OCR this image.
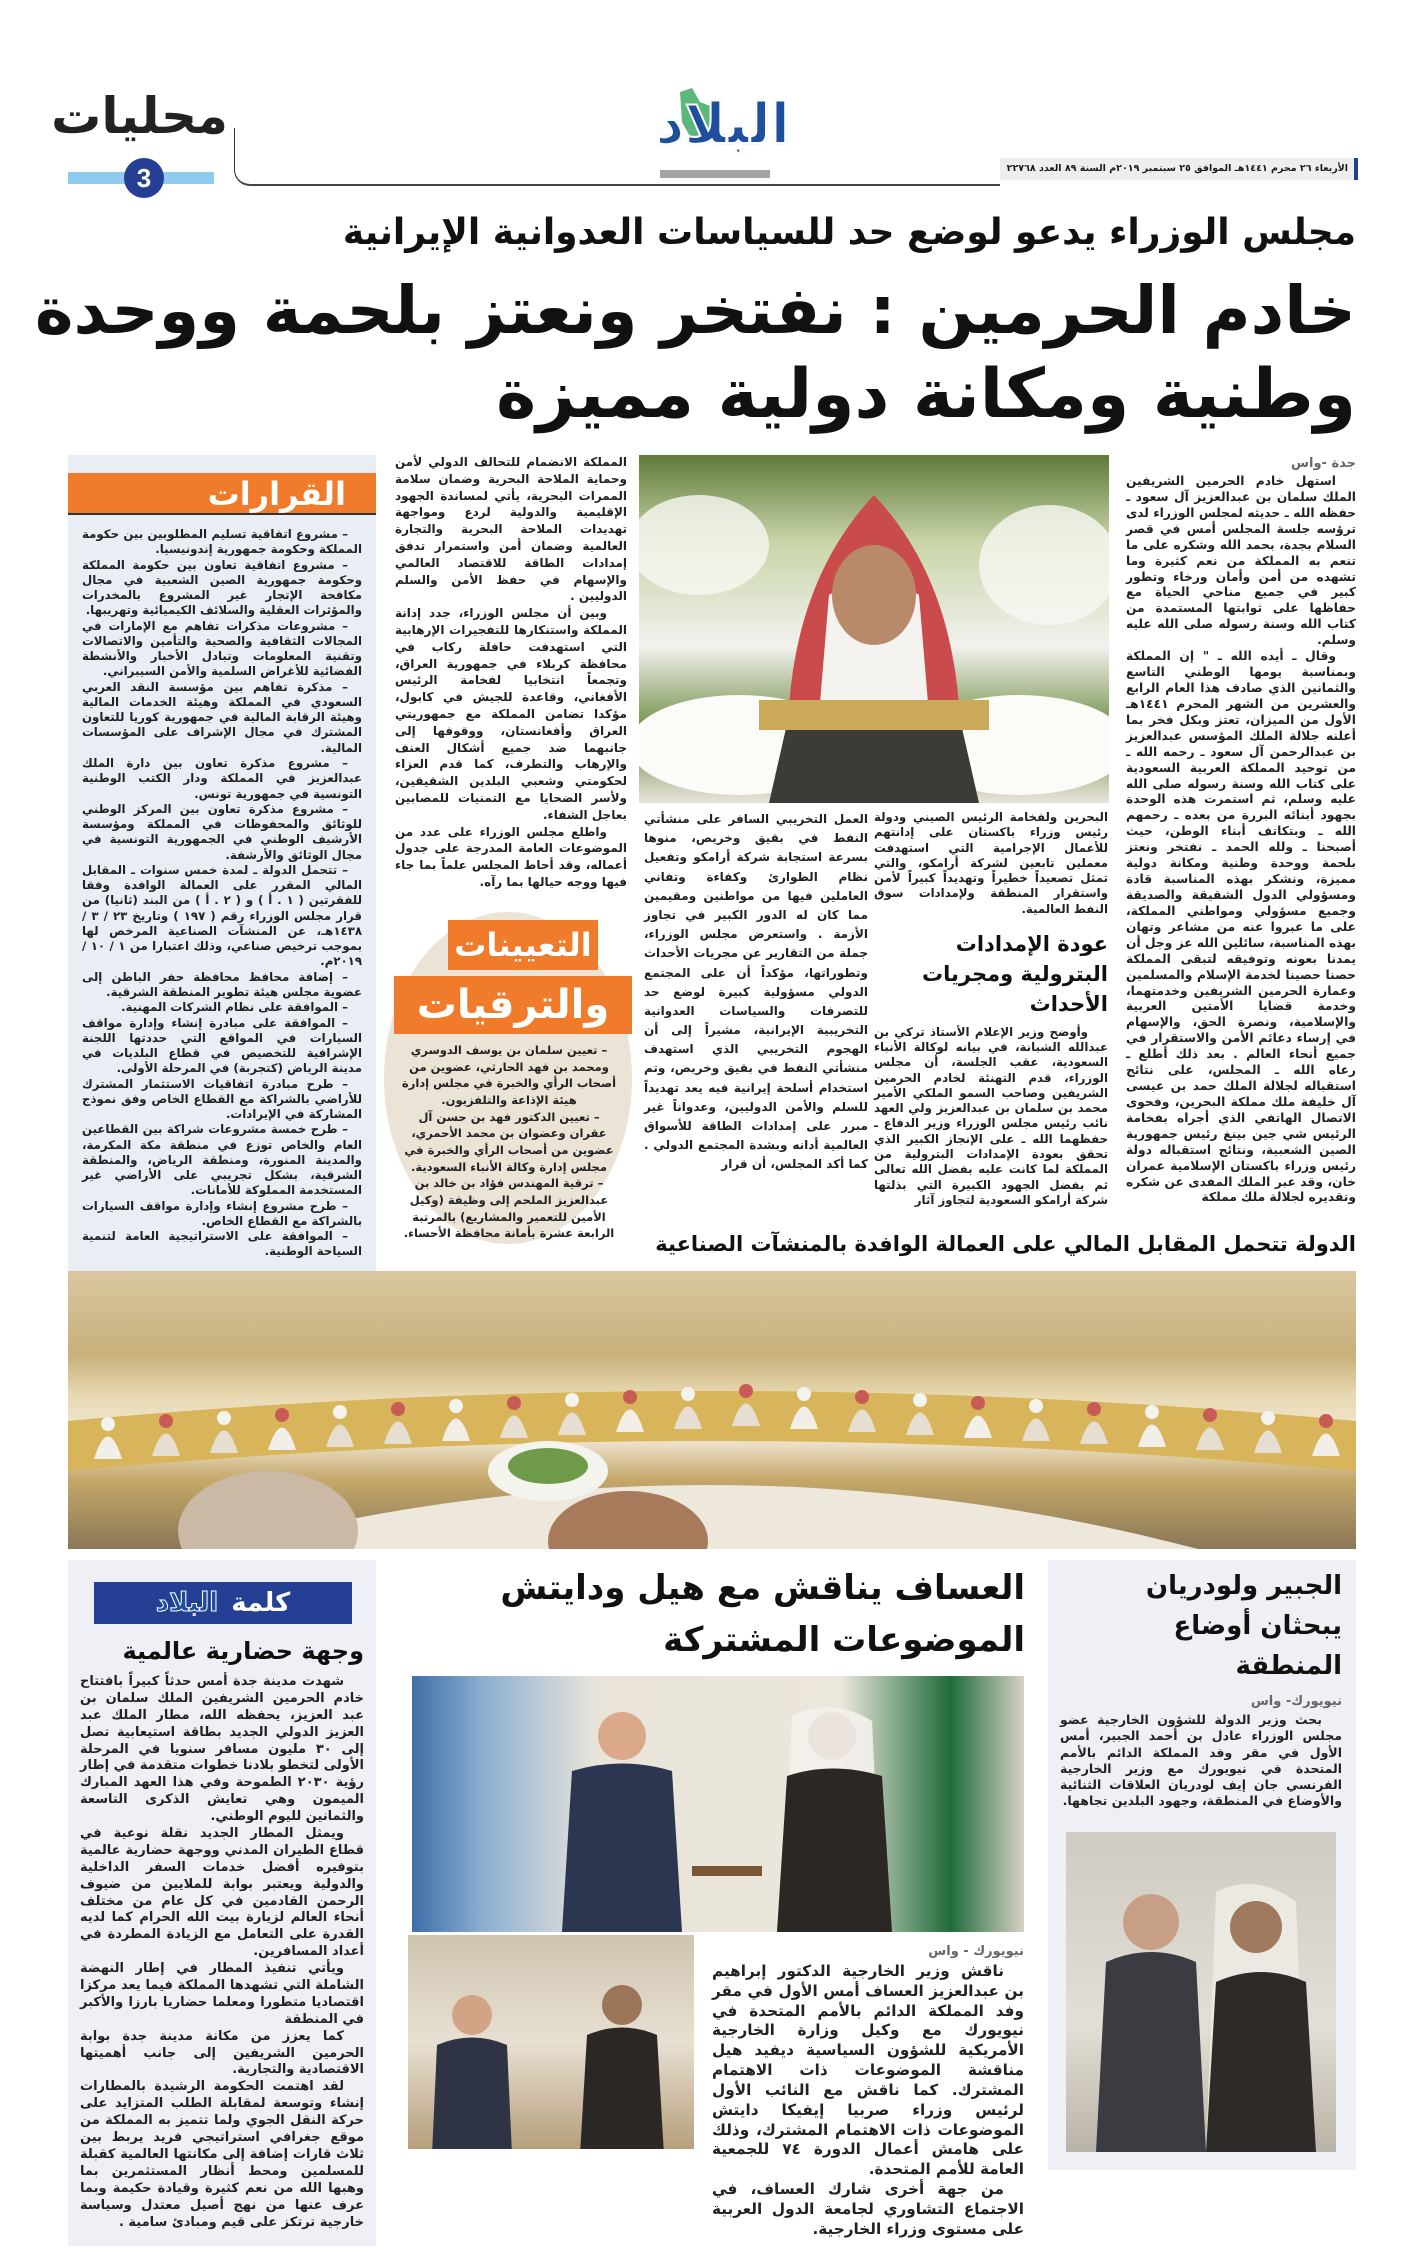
محليات
3
البلاد
الأربعاء ٢٦ محرم ١٤٤١هـ الموافق ٢٥ سبتمبر ٢٠١٩م السنة ٨٩ العدد ٢٢٧٦٨
مجلس الوزراء يدعو لوضع حد للسياسات العدوانية الإيرانية
خادم الحرمين : نفتخر ونعتز بلحمة ووحدة
وطنية ومكانة دولية مميزة
جدة -واس

استهل خادم الحرمين الشريفين الملك سلمان بن عبدالعزيز آل سعود ـ حفظه الله ـ حديثه لمجلس الوزراء لدى ترؤسه جلسة المجلس أمس في قصر السلام بجدة، بحمد الله وشكره على ما تنعم به المملكة من نعم كثيرة وما تشهده من أمن وأمان ورخاء وتطور كبير في جميع مناحي الحياة مع حفاظها على ثوابتها المستمدة من كتاب الله وسنة رسوله صلى الله عليه وسلم.

وقال ـ أيده الله ـ " إن المملكة وبمناسبة يومها الوطني التاسع والثمانين الذي صادف هذا العام الرابع والعشرين من الشهر المحرم ١٤٤١هـ الأول من الميزان، تعتز وبكل فخر بما أعلنه جلالة الملك المؤسس عبدالعزيز بن عبدالرحمن آل سعود ـ رحمه الله ـ من توحيد المملكة العربية السعودية على كتاب الله وسنة رسوله صلى الله عليه وسلم، ثم استمرت هذه الوحدة بجهود أبنائه البررة من بعده ـ رحمهم الله ـ وبتكاتف أبناء الوطن، حيث أصبحنا ـ ولله الحمد ـ نفتخر ونعتز بلحمة ووحدة وطنية ومكانة دولية مميزة، ونشكر بهذه المناسبة قادة ومسؤولي الدول الشقيقة والصديقة وجميع مسؤولي ومواطني المملكة، على ما عبروا عنه من مشاعر وتهان بهذه المناسبة، سائلين الله عز وجل أن يمدنا بعونه وتوفيقه لتبقى المملكة حصنا حصينا لخدمة الإسلام والمسلمين وعمارة الحرمين الشريفين وخدمتهما، وخدمة قضايا الأمتين العربية والإسلامية، ونصرة الحق، والإسهام في إرساء دعائم الأمن والاستقرار في جميع أنحاء العالم . بعد ذلك أطلع ـ رعاه الله ـ المجلس، على نتائج استقباله لجلالة الملك حمد بن عيسى آل خليفة ملك مملكة البحرين، وفحوى الاتصال الهاتفي الذي أجراه بفخامة الرئيس شي جين بينغ رئيس جمهورية الصين الشعبية، ونتائج استقباله دولة رئيس وزراء باكستان الإسلامية عمران خان، وقد عبر الملك المفدى عن شكره وتقديره لجلالة ملك مملكة

البحرين ولفخامة الرئيس الصيني ودولة رئيس وزراء باكستان على إدانتهم للأعمال الإجرامية التي استهدفت معملين تابعين لشركة أرامكو، والتي تمثل تصعيداً خطيراً وتهديداً كبيراً لأمن واستقرار المنطقة ولإمدادات سوق النفط العالمية.

عودة الإمدادات البترولية ومجريات الأحداث

وأوضح وزير الإعلام الأستاذ تركي بن عبدالله الشبانة، في بيانه لوكالة الأنباء السعودية، عقب الجلسة، أن مجلس الوزراء، قدم التهنئة لخادم الحرمين الشريفين وصاحب السمو الملكي الأمير محمد بن سلمان بن عبدالعزيز ولي العهد نائب رئيس مجلس الوزراء وزير الدفاع ـ حفظهما الله ـ على الإنجاز الكبير الذي تحقق بعودة الإمدادات البترولية من المملكة لما كانت عليه بفضل الله تعالى ثم بفضل الجهود الكبيرة التي بذلتها شركة أرامكو السعودية لتجاوز آثار

العمل التخريبي السافر على منشأتي النفط في بقيق وخريص، منوها بسرعة استجابة شركة أرامكو وتفعيل نظام الطوارئ وكفاءة وتفاني العاملين فيها من مواطنين ومقيمين مما كان له الدور الكبير في تجاوز الأزمة . واستعرض مجلس الوزراء، جملة من التقارير عن مجريات الأحداث وتطوراتها، مؤكداً أن على المجتمع الدولي مسؤولية كبيرة لوضع حد للتصرفات والسياسات العدوانية التخريبية الإيرانية، مشيراً إلى أن الهجوم التخريبي الذي استهدف منشأتي النفط في بقيق وخريص، وتم استخدام أسلحة إيرانية فيه يعد تهديداً للسلم والأمن الدوليين، وعدواناً غير مبرر على إمدادات الطاقة للأسواق العالمية أدانه وبشدة المجتمع الدولي . كما أكد المجلس، أن قرار

المملكة الانضمام للتحالف الدولي لأمن وحماية الملاحة البحرية وضمان سلامة الممرات البحرية، يأتي لمساندة الجهود الإقليمية والدولية لردع ومواجهة تهديدات الملاحة البحرية والتجارة العالمية وضمان أمن واستمرار تدفق إمدادات الطاقة للاقتصاد العالمي والإسهام في حفظ الأمن والسلم الدوليين .

وبين أن مجلس الوزراء، جدد إدانة المملكة واستنكارها للتفجيرات الإرهابية التي استهدفت حافلة ركاب في محافظة كربلاء في جمهورية العراق، وتجمعاً انتخابيا لفخامة الرئيس الأفغاني، وقاعدة للجيش في كابول، مؤكدا تضامن المملكة مع جمهوريتي العراق وأفغانستان، ووقوفها إلى جانبهما ضد جميع أشكال العنف والإرهاب والتطرف، كما قدم العزاء لحكومتي وشعبي البلدين الشقيقين، ولأسر الضحايا مع التمنيات للمصابين بعاجل الشفاء.

واطلع مجلس الوزراء على عدد من الموضوعات العامة المدرجة على جدول أعماله، وقد أحاط المجلس علماً بما جاء فيها ووجه حيالها بما رآه.

القرارات

– مشروع اتفاقية تسليم المطلوبين بين حكومة المملكة وحكومة جمهورية إندونيسيا.

– مشروع اتفاقية تعاون بين حكومة المملكة وحكومة جمهورية الصين الشعبية في مجال مكافحة الإتجار غير المشروع بالمخدرات والمؤثرات العقلية والسلائف الكيميائية وتهريبها.

– مشروعات مذكرات تفاهم مع الإمارات في المجالات الثقافية والصحية والتأمين والاتصالات وتقنية المعلومات وتبادل الأخبار والأنشطة الفضائية للأغراض السلمية والأمن السيبراني.

– مذكرة تفاهم بين مؤسسة النقد العربي السعودي في المملكة وهيئة الخدمات المالية وهيئة الرقابة المالية في جمهورية كوريا للتعاون المشترك في مجال الإشراف على المؤسسات المالية.

– مشروع مذكرة تعاون بين دارة الملك عبدالعزيز في المملكة ودار الكتب الوطنية التونسية في جمهورية تونس.

– مشروع مذكرة تعاون بين المركز الوطني للوثائق والمحفوظات في المملكة ومؤسسة الأرشيف الوطني في الجمهورية التونسية في مجال الوثائق والأرشفة.

– تتحمل الدولة ـ لمدة خمس سنوات ـ المقابل المالي المقرر على العمالة الوافدة وفقا للفقرتين ( ١ . أ ) و ( ٢ . أ ) من البند (ثانيا) من قرار مجلس الوزراء رقم ( ١٩٧ ) وتاريخ ٢٣ / ٣ / ١٤٣٨هـ، عن المنشآت الصناعية المرخص لها بموجب ترخيص صناعي، وذلك اعتبارا من ١ / ١٠ / ٢٠١٩م.

– إضافة محافظ محافظة حفر الباطن إلى عضوية مجلس هيئة تطوير المنطقة الشرقية.

– الموافقة على نظام الشركات المهنية.

– الموافقة على مبادرة إنشاء وإدارة مواقف السيارات في المواقع التي حددتها اللجنة الإشرافية للتخصيص في قطاع البلديات في مدينة الرياض (كتجربة) في المرحلة الأولى.

– طرح مبادرة اتفاقيات الاستثمار المشترك للأراضي بالشراكة مع القطاع الخاص وفق نموذج المشاركة في الإيرادات.

– طرح خمسة مشروعات شراكة بين القطاعين العام والخاص توزع في منطقة مكة المكرمة، والمدينة المنورة، ومنطقة الرياض، والمنطقة الشرقية، بشكل تجريبي على الأراضي غير المستخدمة المملوكة للأمانات.

– طرح مشروع إنشاء وإدارة مواقف السيارات بالشراكة مع القطاع الخاص.

– الموافقة على الاستراتيجية العامة لتنمية السياحة الوطنية.

التعيينات
والترقيات

– تعيين سلمان بن يوسف الدوسري ومحمد بن فهد الحارثي، عضوين من أصحاب الرأي والخبرة في مجلس إدارة هيئة الإذاعة والتلفزيون.

– تعيين الدكتور فهد بن حسن آل عقران وعضوان بن محمد الأحمري، عضوين من أصحاب الرأي والخبرة في مجلس إدارة وكالة الأنباء السعودية.

– ترقية المهندس فؤاد بن خالد بن عبدالعزيز الملحم إلى وظيفة (وكيل الأمين للتعمير والمشاريع) بالمرتبة الرابعة عشرة بأمانة محافظة الأحساء.	الدولة تتحمل المقابل المالي على العمالة الوافدة بالمنشآت الصناعية
الجبير ولودريان يبحثان أوضاع المنطقة
نيويورك- واس

بحث وزير الدولة للشؤون الخارجية عضو مجلس الوزراء عادل بن أحمد الجبير، أمس الأول في مقر وفد المملكة الدائم بالأمم المتحدة في نيويورك مع وزير الخارجية الفرنسي جان إيف لودريان العلاقات الثنائية والأوضاع في المنطقة، وجهود البلدين تجاهها.

العساف يناقش مع هيل ودايتش الموضوعات المشتركة
نيويورك - واس

ناقش وزير الخارجية الدكتور إبراهيم بن عبدالعزيز العساف أمس الأول في مقر وفد المملكة الدائم بالأمم المتحدة في نيويورك مع وكيل وزارة الخارجية الأمريكية للشؤون السياسية ديفيد هيل مناقشة الموضوعات ذات الاهتمام المشترك. كما ناقش مع النائب الأول لرئيس وزراء صربيا إيفيكا دايتش الموضوعات ذات الاهتمام المشترك، وذلك على هامش أعمال الدورة ٧٤ للجمعية العامة للأمم المتحدة.

من جهة أخرى شارك العساف، في الاجتماع التشاوري لجامعة الدول العربية على مستوى وزراء الخارجية.

كلمة البلاد
وجهة حضارية عالمية

شهدت مدينة جدة أمس حدثاً كبيراً بافتتاح خادم الحرمين الشريفين الملك سلمان بن عبد العزيز، يحفظه الله، مطار الملك عبد العزيز الدولي الجديد بطاقة استيعابية تصل إلى ٣٠ مليون مسافر سنويا في المرحلة الأولى لتخطو بلادنا خطوات متقدمة في إطار رؤية ٢٠٣٠ الطموحة وفي هذا العهد المبارك الميمون وهي تعايش الذكرى التاسعة والثمانين لليوم الوطني.

ويمثل المطار الجديد نقلة نوعية في قطاع الطيران المدني ووجهة حضارية عالمية بتوفيره أفضل خدمات السفر الداخلية والدولية ويعتبر بوابة للملايين من ضيوف الرحمن القادمين في كل عام من مختلف أنحاء العالم لزيارة بيت الله الحرام كما لديه القدرة على التعامل مع الزيادة المطردة في أعداد المسافرين.

ويأتي تنفيذ المطار في إطار النهضة الشاملة التي تشهدها المملكة فيما يعد مركزا اقتصاديا متطورا ومعلما حضاريا بارزا والأكبر في المنطقة

كما يعزز من مكانة مدينة جدة بوابة الحرمين الشريفين إلى جانب أهميتها الاقتصادية والتجارية.

لقد اهتمت الحكومة الرشيدة بالمطارات إنشاء وتوسعة لمقابلة الطلب المتزايد على حركة النقل الجوي ولما تتميز به المملكة من موقع جغرافي استراتيجي فريد يربط بين ثلاث قارات إضافة إلى مكانتها العالمية كقبلة للمسلمين ومحط أنظار المستثمرين بما وهبها الله من نعم كثيرة وقيادة حكيمة وبما عرف عنها من نهج أصيل معتدل وسياسة خارجية ترتكز على قيم ومبادئ سامية .
